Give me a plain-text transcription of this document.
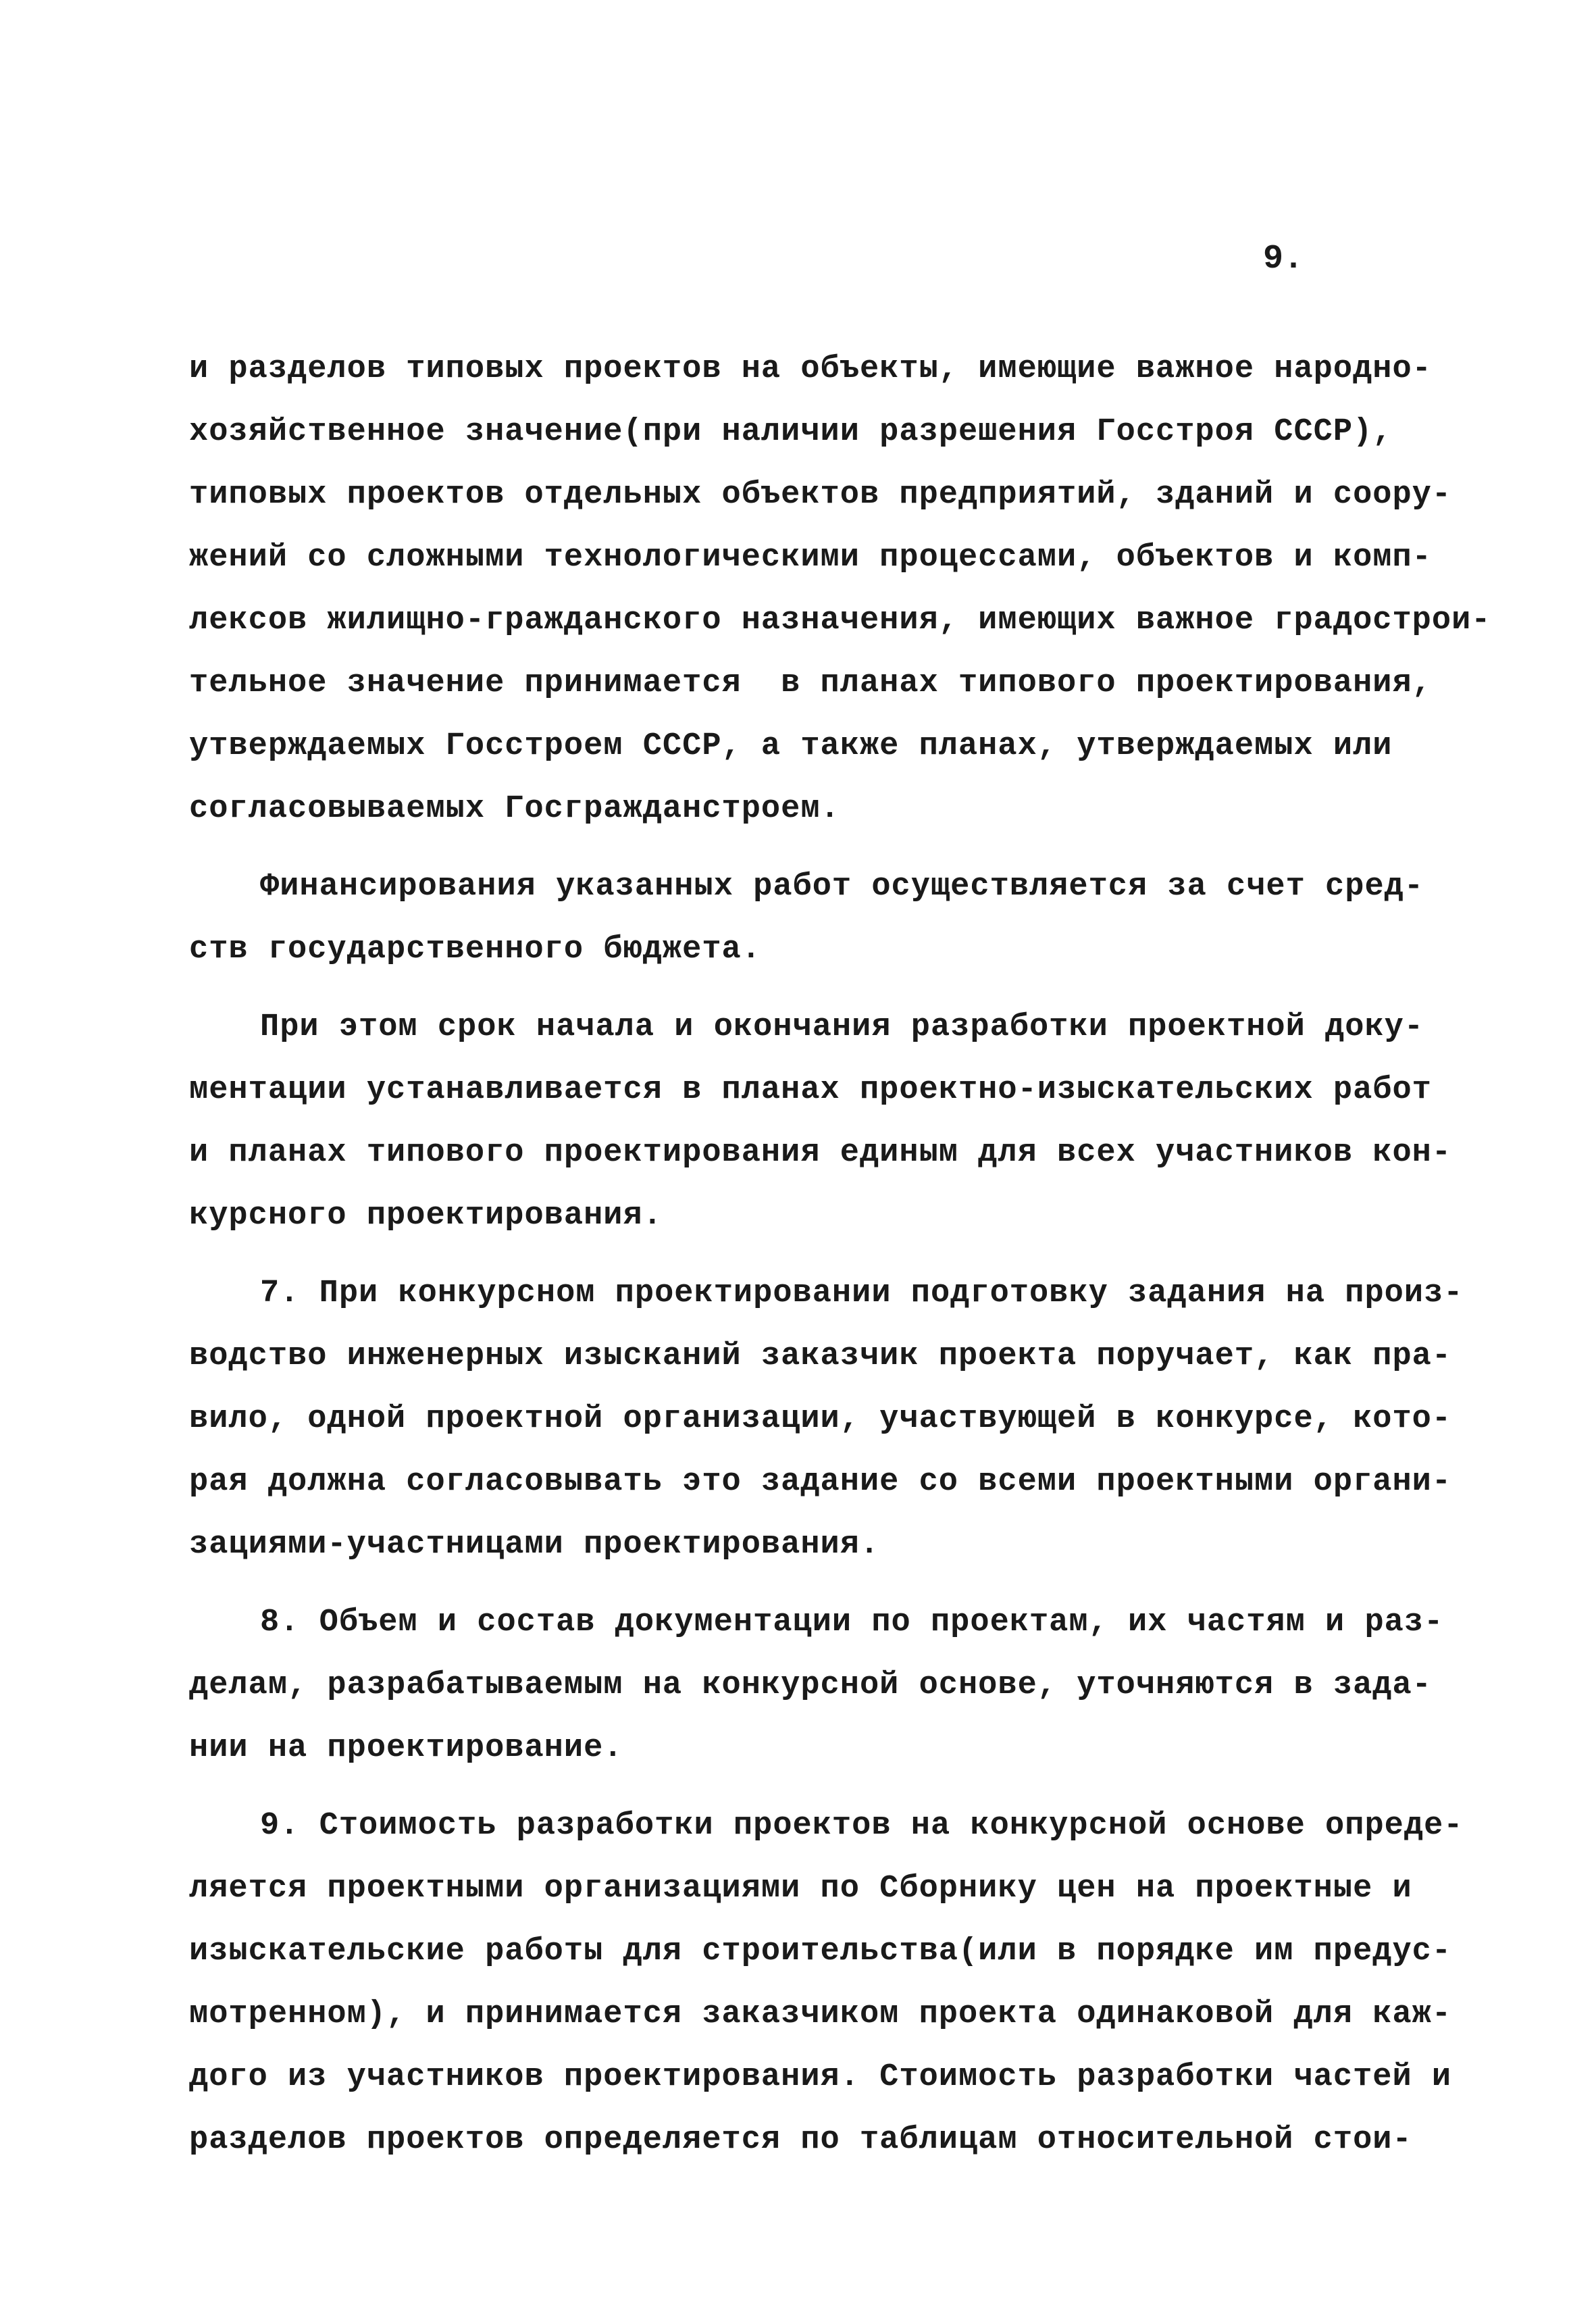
9.
и разделов типовых проектов на объекты, имеющие важное народно-
хозяйственное значение(при наличии разрешения Госстроя СССР),
типовых проектов отдельных объектов предприятий, зданий и соору-
жений со сложными технологическими процессами, объектов и комп-
лексов жилищно-гражданского назначения, имеющих важное градострои-
тельное значение принимается  в планах типового проектирования,
утверждаемых Госстроем СССР, а также планах, утверждаемых или
согласовываемых Госгражданстроем.
Финансирования указанных работ осуществляется за счет сред-
ств государственного бюджета.
При этом срок начала и окончания разработки проектной доку-
ментации устанавливается в планах проектно-изыскательских работ
и планах типового проектирования единым для всех участников кон-
курсного проектирования.
7. При конкурсном проектировании подготовку задания на произ-
водство инженерных изысканий заказчик проекта поручает, как пра-
вило, одной проектной организации, участвующей в конкурсе, кото-
рая должна согласовывать это задание со всеми проектными органи-
зациями-участницами проектирования.
8. Объем и состав документации по проектам, их частям и раз-
делам, разрабатываемым на конкурсной основе, уточняются в зада-
нии на проектирование.
9. Стоимость разработки проектов на конкурсной основе опреде-
ляется проектными организациями по Сборнику цен на проектные и
изыскательские работы для строительства(или в порядке им предус-
мотренном), и принимается заказчиком проекта одинаковой для каж-
дого из участников проектирования. Стоимость разработки частей и
разделов проектов определяется по таблицам относительной стои-
